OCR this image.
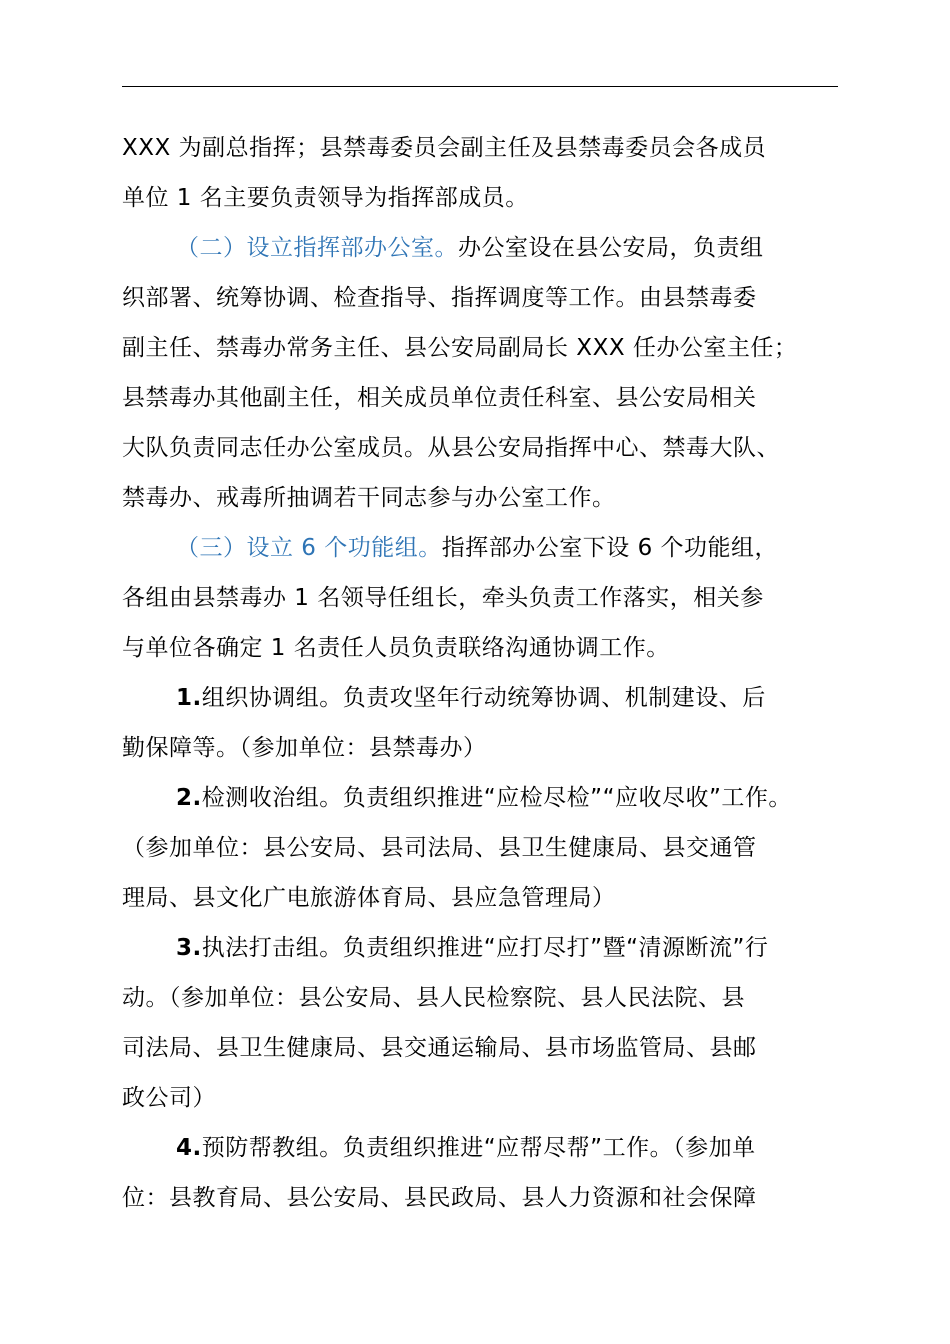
XXX 为副总指挥；县禁毒委员会副主任及县禁毒委员会各成员
单位 1 名主要负责领导为指挥部成员。
（二）设立指挥部办公室。办公室设在县公安局，负责组
织部署、统筹协调、检查指导、指挥调度等工作。由县禁毒委
副主任、禁毒办常务主任、县公安局副局长 XXX 任办公室主任；
县禁毒办其他副主任，相关成员单位责任科室、县公安局相关
大队负责同志任办公室成员。从县公安局指挥中心、禁毒大队、
禁毒办、戒毒所抽调若干同志参与办公室工作。
（三）设立 6 个功能组。指挥部办公室下设 6 个功能组，
各组由县禁毒办 1 名领导任组长，牵头负责工作落实，相关参
与单位各确定 1 名责任人员负责联络沟通协调工作。
1.组织协调组。负责攻坚年行动统筹协调、机制建设、后
勤保障等。（参加单位：县禁毒办）
2.检测收治组。负责组织推进“应检尽检”“应收尽收”工作。
（参加单位：县公安局、县司法局、县卫生健康局、县交通管
理局、县文化广电旅游体育局、县应急管理局）
3.执法打击组。负责组织推进“应打尽打”暨“清源断流”行
动。（参加单位：县公安局、县人民检察院、县人民法院、县
司法局、县卫生健康局、县交通运输局、县市场监管局、县邮
政公司）
4.预防帮教组。负责组织推进“应帮尽帮”工作。（参加单
位：县教育局、县公安局、县民政局、县人力资源和社会保障
